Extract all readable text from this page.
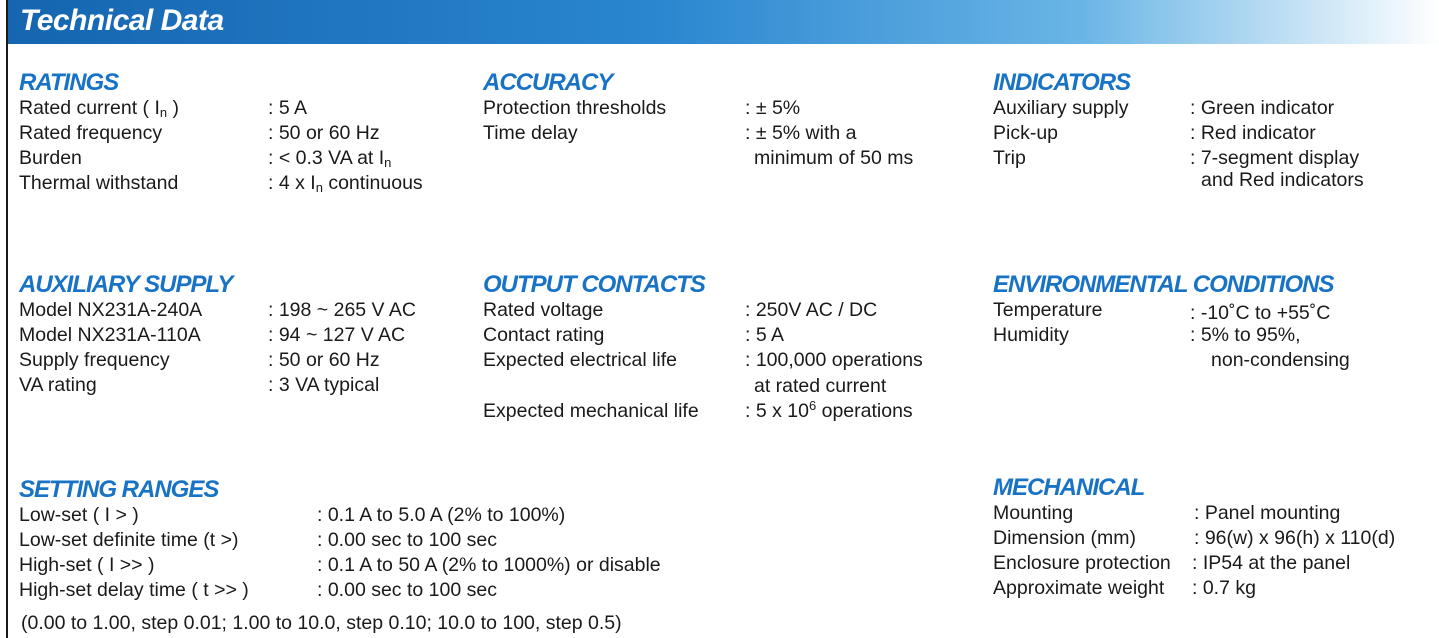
Technical Data
RATINGS
Rated current ( $I_n$ )	: 5 A
Rated frequency	: 50 or 60 Hz
Burden	: < 0.3 VA at $I_n$
Thermal withstand	: 4 x $I_n$ continuous
ACCURACY
Protection thresholds	: ± 5%
Time delay	: ± 5% with a
minimum of 50 ms
INDICATORS
Auxiliary supply	: Green indicator
Pick-up	: Red indicator
Trip	: 7-segment display
and Red indicators
AUXILIARY SUPPLY
Model NX231A-240A	: 198 ~ 265 V AC
Model NX231A-110A	: 94 ~ 127 V AC
Supply frequency	: 50 or 60 Hz
VA rating	: 3 VA typical
OUTPUT CONTACTS
Rated voltage	: 250V AC / DC
Contact rating	: 5 A
Expected electrical life	: 100,000 operations
at rated current
Expected mechanical life : 5 x $10^6$ operations
ENVIRONMENTAL CONDITIONS
Temperature	: -10˚C to +55˚C
Humidity	: 5% to 95%,
non-condensing
SETTING RANGES
Low-set ( I > )	: 0.1 A to 5.0 A (2% to 100%)
Low-set definite time (t >)	: 0.00 sec to 100 sec
High-set ( I >> )	: 0.1 A to 50 A (2% to 1000%) or disable
High-set delay time ( t >> )	: 0.00 sec to 100 sec
(0.00 to 1.00, step 0.01; 1.00 to 10.0, step 0.10; 10.0 to 100, step 0.5)
MECHANICAL
Mounting	: Panel mounting
Dimension (mm)	: 96(w) x 96(h) x 110(d)
Enclosure protection : IP54 at the panel
Approximate weight : 0.7 kg
